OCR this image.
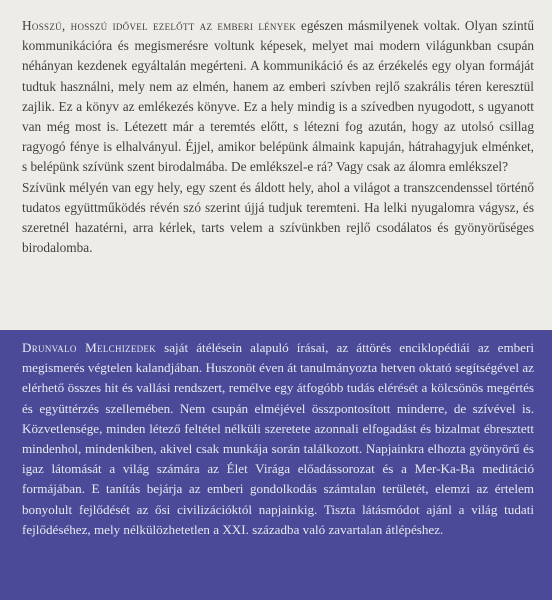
Hosszú, hosszú idővel ezelőtt az emberi lények egészen másmilyenek voltak. Olyan szintű kommunikációra és megismerésre voltunk képesek, melyet mai modern világunkban csupán néhányan kezdenek egyáltalán megérteni. A kommunikáció és az érzékelés egy olyan formáját tudtuk használni, mely nem az elmén, hanem az emberi szívben rejlő szakrális téren keresztül zajlik. Ez a könyv az emlékezés könyve. Ez a hely mindig is a szívedben nyugodott, s ugyanott van még most is. Létezett már a teremtés előtt, s létezni fog azután, hogy az utolsó csillag ragyogó fénye is elhalványul. Éjjel, amikor belépünk álmaink kapuján, hátrahagyjuk elménket, s belépünk szívünk szent birodalmába. De emlékszel-e rá? Vagy csak az álomra emlékszel?

Szívünk mélyén van egy hely, egy szent és áldott hely, ahol a világot a transzcendenssel történő tudatos együttműködés révén szó szerint újjá tudjuk teremteni. Ha lelki nyugalomra vágysz, és szeretnél hazatérni, arra kérlek, tarts velem a szívünkben rejlő csodálatos és gyönyörűséges birodalomba.

Drunvalo Melchizedek saját átélésein alapuló írásai, az áttörés enciklopédiái az emberi megismerés végtelen kalandjában. Huszonöt éven át tanulmányozta hetven oktató segítségével az elérhető összes hit és vallási rendszert, remélve egy átfogóbb tudás elérését a kölcsönös megértés és együttérzés szellemében. Nem csupán elméjével összpontosított minderre, de szívével is. Közvetlensége, minden létező feltétel nélküli szeretete azonnali elfogadást és bizalmat ébresztett mindenhol, mindenkiben, akivel csak munkája során találkozott. Napjainkra elhozta gyönyörű és igaz látomását a világ számára az Élet Virága előadássorozat és a Mer-Ka-Ba meditáció formájában. E tanítás bejárja az emberi gondolkodás számtalan területét, elemzi az értelem bonyolult fejlődését az ősi civilizációktól napjainkig. Tiszta látásmódot ajánl a világ tudati fejlődéséhez, mely nélkülözhetetlen a XXI. századba való zavartalan átlépéshez.
